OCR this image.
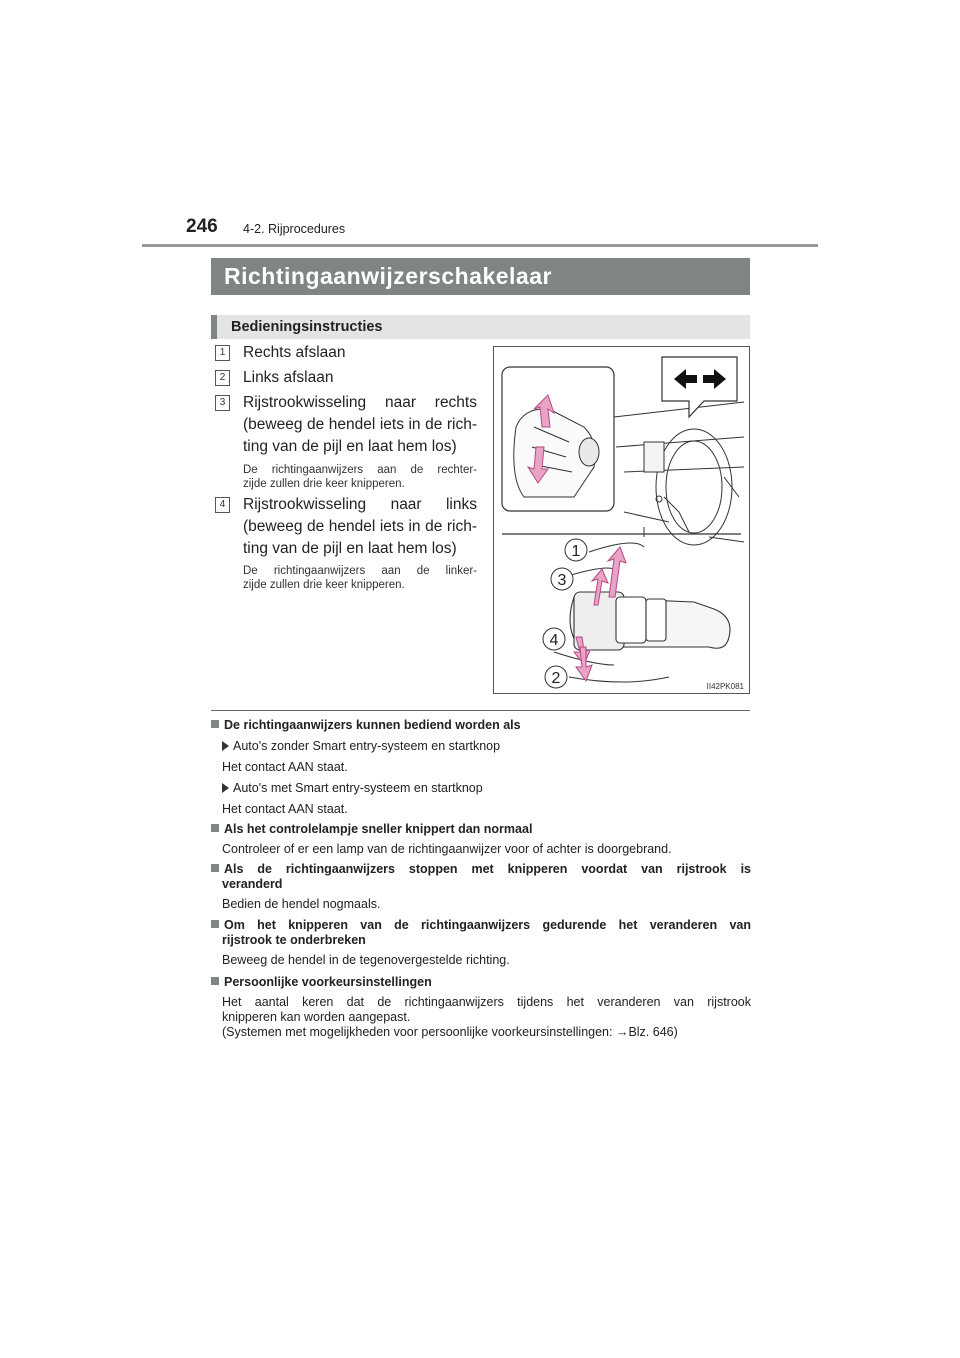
246 4-2. Rijprocedures
Richtingaanwijzerschakelaar
Bedieningsinstructies
1	Rechts afslaan
2	Links afslaan
3	Rijstrookwisseling naar rechts
(beweeg de hendel iets in de rich-
ting van de pijl en laat hem los)
De richtingaanwijzers aan de rechter-
zijde zullen drie keer knipperen.
4	Rijstrookwisseling naar links
(beweeg de hendel iets in de rich-
ting van de pijl en laat hem los)
De richtingaanwijzers aan de linker-
zijde zullen drie keer knipperen.
1
3
4
2	II42PK081
De richtingaanwijzers kunnen bediend worden als
Auto's zonder Smart entry-systeem en startknop
Het contact AAN staat.
Auto's met Smart entry-systeem en startknop
Het contact AAN staat.
Als het controlelampje sneller knippert dan normaal
Controleer of er een lamp van de richtingaanwijzer voor of achter is doorgebrand.
Als de richtingaanwijzers stoppen met knipperen voordat van rijstrook is
veranderd
Bedien de hendel nogmaals.
Om het knipperen van de richtingaanwijzers gedurende het veranderen van
rijstrook te onderbreken
Beweeg de hendel in de tegenovergestelde richting.
Persoonlijke voorkeursinstellingen
Het aantal keren dat de richtingaanwijzers tijdens het veranderen van rijstrook
knipperen kan worden aangepast.
(Systemen met mogelijkheden voor persoonlijke voorkeursinstellingen: →Blz. 646)
